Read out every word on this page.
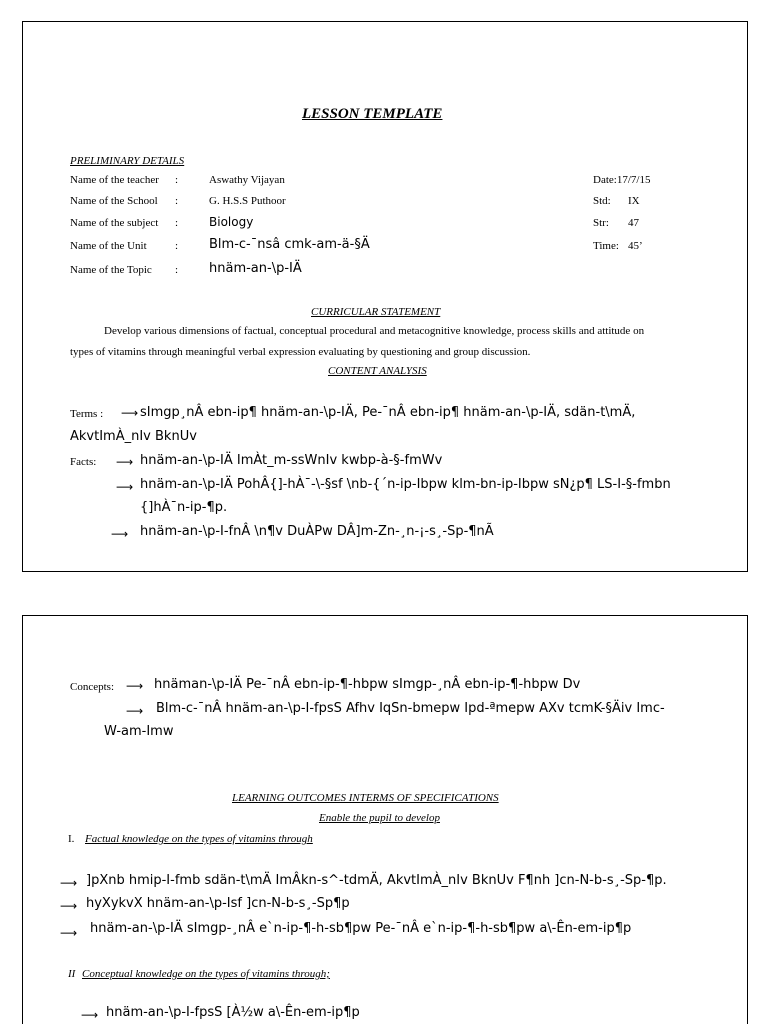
LESSON TEMPLATE
PRELIMINARY DETAILS
Name of the teacher :	Aswathy Vijayan
Name of the School :	G. H.S.S Puthoor
Name of the subject :	Biology
Name of the Unit	: Blm-c-¯nsâ cmk-am-ä-§Ä
Name of the Topic : hnäm-an-\p-IÄ
Date:17/7/15
Std: IX
Str: 47
Time: 45’
CURRICULAR STATEMENT
Develop various dimensions of factual, conceptual procedural and metacognitive knowledge, process skills and attitude on
types of vitamins through meaningful verbal expression evaluating by questioning and group discussion.
CONTENT ANALYSIS
Terms : ⟶ sImgp¸nÂ ebn-ip¶ hnäm-an-\p-IÄ, Pe-¯nÂ ebn-ip¶ hnäm-an-\p-IÄ, sdän-t\mÄ,
AkvtImÀ_nIv BknUv
Facts: ⟶ hnäm-an-\p-IÄ ImÀt_m-ssWnIv kwbp-à-§-fmWv
⟶ hnäm-an-\p-IÄ PohÂ{]-hÀ¯-\-§sf \nb-{´n-ip-Ibpw klm-bn-ip-Ibpw sN¿p¶ LS-I-§-fmbn
{]hÀ¯n-ip-¶p.
⟶ hnäm-an-\p-I-fnÂ \n¶v DuÀPw DÂ]m-Zn-¸n-¡-s¸-Sp-¶nÃ
Concepts: ⟶ hnäman-\p-IÄ Pe-¯nÂ ebn-ip-¶-hbpw sImgp-¸nÂ ebn-ip-¶-hbpw Dv
⟶ Blm-c-¯nÂ hnäm-an-\p-I-fpsS Afhv IqSn-bmepw Ipd-ªmepw AXv tcmK-§Äiv Imc-
W-am-Imw
LEARNING OUTCOMES INTERMS OF SPECIFICATIONS
Enable the pupil to develop
I. Factual knowledge on the types of vitamins through
⟶ ]pXnb hmip-I-fmb sdän-t\mÄ ImÂkn-s^-tdmÄ, AkvtImÀ_nIv BknUv F¶nh ]cn-N-b-s¸-Sp-¶p.
⟶ hyXykvX hnäm-an-\p-Isf ]cn-N-b-s¸-Sp¶p
⟶ hnäm-an-\p-IÄ sImgp-¸nÂ e`n-ip-¶-h-sb¶pw Pe-¯nÂ e`n-ip-¶-h-sb¶pw a\-Ên-em-ip¶p
II Conceptual knowledge on the types of vitamins through;
⟶ hnäm-an-\p-I-fpsS [À½w a\-Ên-em-ip¶p
